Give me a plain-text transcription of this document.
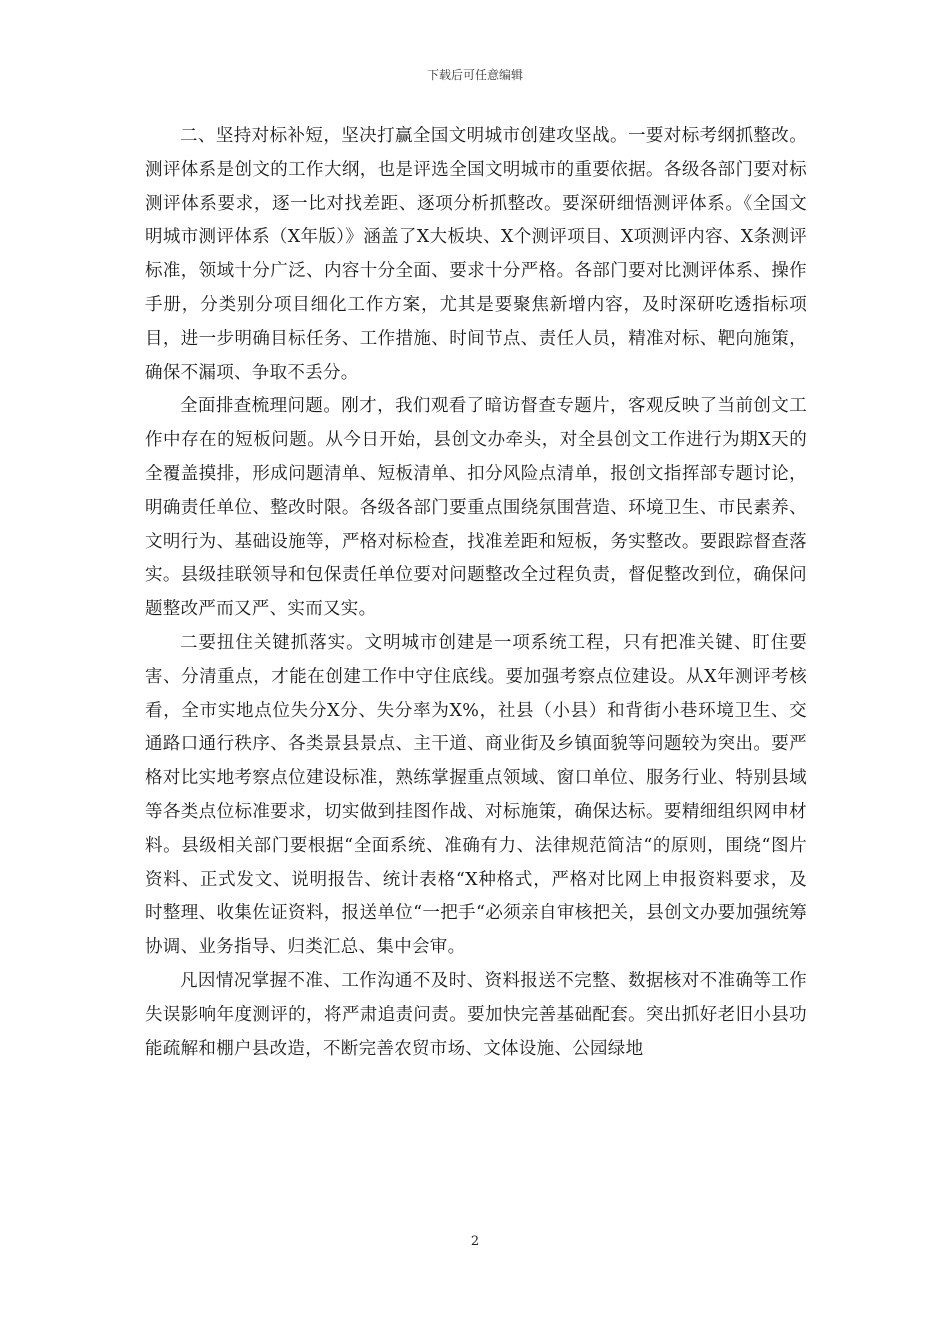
下载后可任意编辑

二、坚持对标补短，坚决打赢全国文明城市创建攻坚战。一要对标考纲抓整改。测评体系是创文的工作大纲，也是评选全国文明城市的重要依据。各级各部门要对标测评体系要求，逐一比对找差距、逐项分析抓整改。要深研细悟测评体系。《全国文明城市测评体系（X年版）》涵盖了X大板块、X个测评项目、X项测评内容、X条测评标准，领域十分广泛、内容十分全面、要求十分严格。各部门要对比测评体系、操作手册，分类别分项目细化工作方案，尤其是要聚焦新增内容，及时深研吃透指标项目，进一步明确目标任务、工作措施、时间节点、责任人员，精准对标、靶向施策，确保不漏项、争取不丢分。

全面排查梳理问题。刚才，我们观看了暗访督查专题片，客观反映了当前创文工作中存在的短板问题。从今日开始，县创文办牵头，对全县创文工作进行为期X天的全覆盖摸排，形成问题清单、短板清单、扣分风险点清单，报创文指挥部专题讨论，明确责任单位、整改时限。各级各部门要重点围绕氛围营造、环境卫生、市民素养、文明行为、基础设施等，严格对标检查，找准差距和短板，务实整改。要跟踪督查落实。县级挂联领导和包保责任单位要对问题整改全过程负责，督促整改到位，确保问题整改严而又严、实而又实。

二要扭住关键抓落实。文明城市创建是一项系统工程，只有把准关键、盯住要害、分清重点，才能在创建工作中守住底线。要加强考察点位建设。从X年测评考核看，全市实地点位失分X分、失分率为X%，社县（小县）和背街小巷环境卫生、交通路口通行秩序、各类景县景点、主干道、商业街及乡镇面貌等问题较为突出。要严格对比实地考察点位建设标准，熟练掌握重点领域、窗口单位、服务行业、特别县域等各类点位标准要求，切实做到挂图作战、对标施策，确保达标。要精细组织网申材料。县级相关部门要根据“全面系统、准确有力、法律规范简洁“的原则，围绕“图片资料、正式发文、说明报告、统计表格“X种格式，严格对比网上申报资料要求，及时整理、收集佐证资料，报送单位“一把手“必须亲自审核把关，县创文办要加强统筹协调、业务指导、归类汇总、集中会审。

凡因情况掌握不准、工作沟通不及时、资料报送不完整、数据核对不准确等工作失误影响年度测评的，将严肃追责问责。要加快完善基础配套。突出抓好老旧小县功能疏解和棚户县改造，不断完善农贸市场、文体设施、公园绿地

2
